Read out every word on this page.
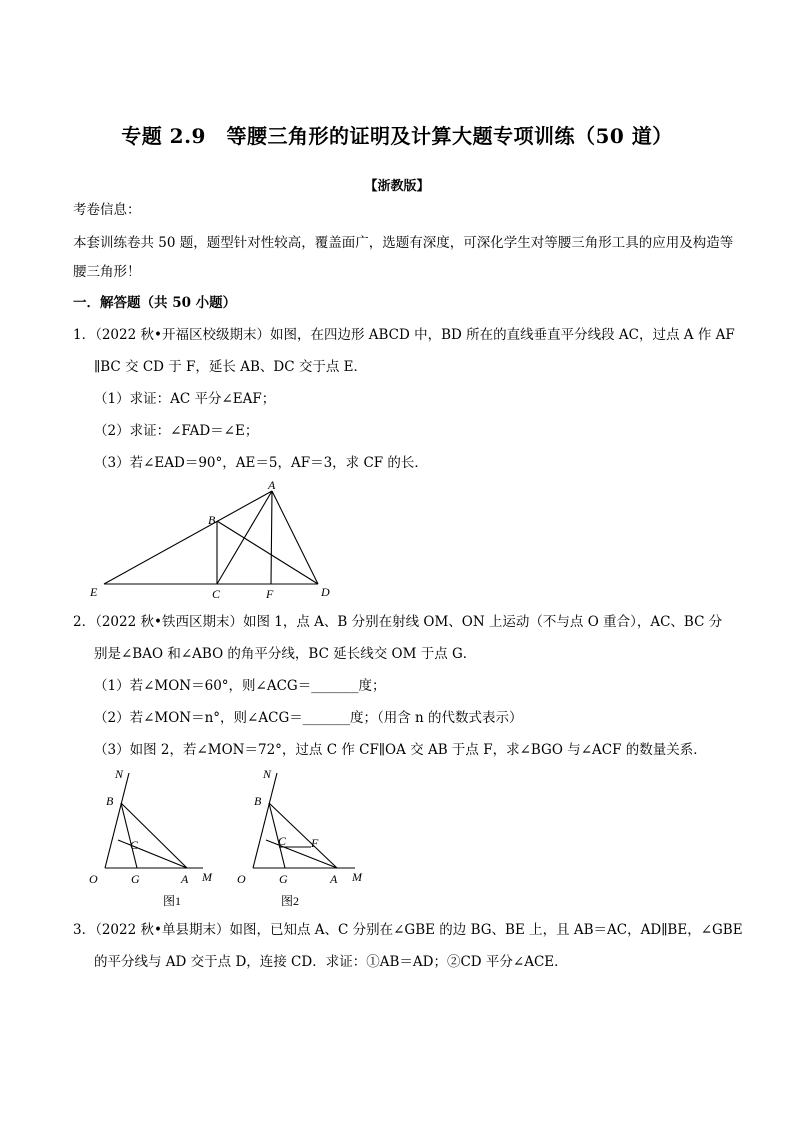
专题 2.9　等腰三角形的证明及计算大题专项训练（50 道）
【浙教版】
考卷信息：
本套训练卷共 50 题，题型针对性较高，覆盖面广，选题有深度，可深化学生对等腰三角形工具的应用及构造等
腰三角形！
一．解答题（共 50 小题）
1．（2022 秋•开福区校级期末）如图，在四边形 ABCD 中，BD 所在的直线垂直平分线段 AC，过点 A 作 AF
∥BC 交 CD 于 F，延长 AB、DC 交于点 E．
（1）求证：AC 平分∠EAF；
（2）求证：∠FAD＝∠E；
（3）若∠EAD＝90°，AE＝5，AF＝3，求 CF 的长．
A
B
C	D
E	F
2．（2022 秋•铁西区期末）如图 1，点 A、B 分别在射线 OM、ON 上运动（不与点 O 重合），AC、BC 分
别是∠BAO 和∠ABO 的角平分线，BC 延长线交 OM 于点 G．
（1）若∠MON＝60°，则∠ACG＝_______度；
（2）若∠MON＝n°，则∠ACG＝_______度；（用含 n 的代数式表示）
（3）如图 2，若∠MON＝72°，过点 C 作 CF∥OA 交 AB 于点 F，求∠BGO 与∠ACF 的数量关系．
N
B
C
O	G	A M
图1
N
B
C F
O	G	A M
图2
3．（2022 秋•单县期末）如图，已知点 A、C 分别在∠GBE 的边 BG、BE 上，且 AB＝AC，AD∥BE，∠GBE
的平分线与 AD 交于点 D，连接 CD．求证：①AB＝AD；②CD 平分∠ACE．
